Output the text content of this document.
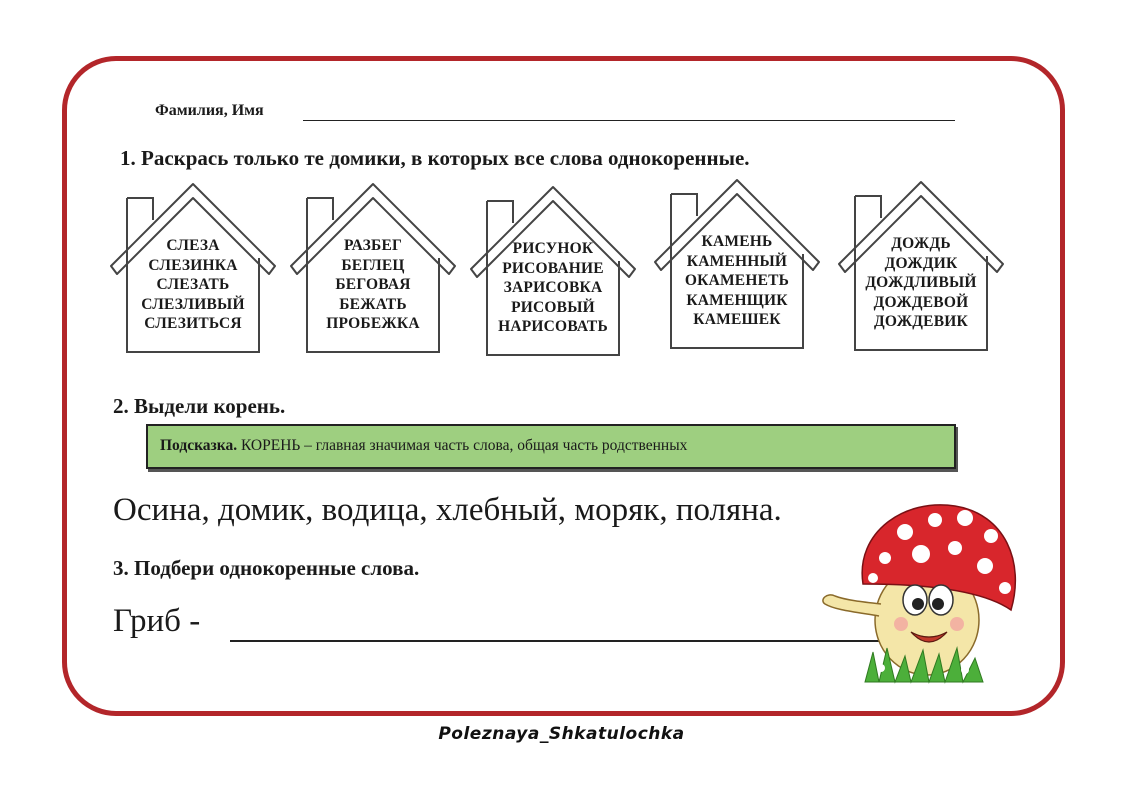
Фамилия, Имя
1. Раскрась только те домики, в которых все слова однокоренные.
СЛЕЗА
СЛЕЗИНКА
СЛЕЗАТЬ
СЛЕЗЛИВЫЙ
СЛЕЗИТЬСЯ
РАЗБЕГ
БЕГЛЕЦ
БЕГОВАЯ
БЕЖАТЬ
ПРОБЕЖКА
РИСУНОК
РИСОВАНИЕ
ЗАРИСОВКА
РИСОВЫЙ
НАРИСОВАТЬ
КАМЕНЬ
КАМЕННЫЙ
ОКАМЕНЕТЬ
КАМЕНЩИК
КАМЕШЕК
ДОЖДЬ
ДОЖДИК
ДОЖДЛИВЫЙ
ДОЖДЕВОЙ
ДОЖДЕВИК
2. Выдели корень.
Подсказка. КОРЕНЬ – главная значимая часть слова, общая часть родственных
Осина, домик, водица, хлебный, моряк, поляна.
3. Подбери однокоренные слова.
Гриб -
Poleznaya_Shkatulochka
